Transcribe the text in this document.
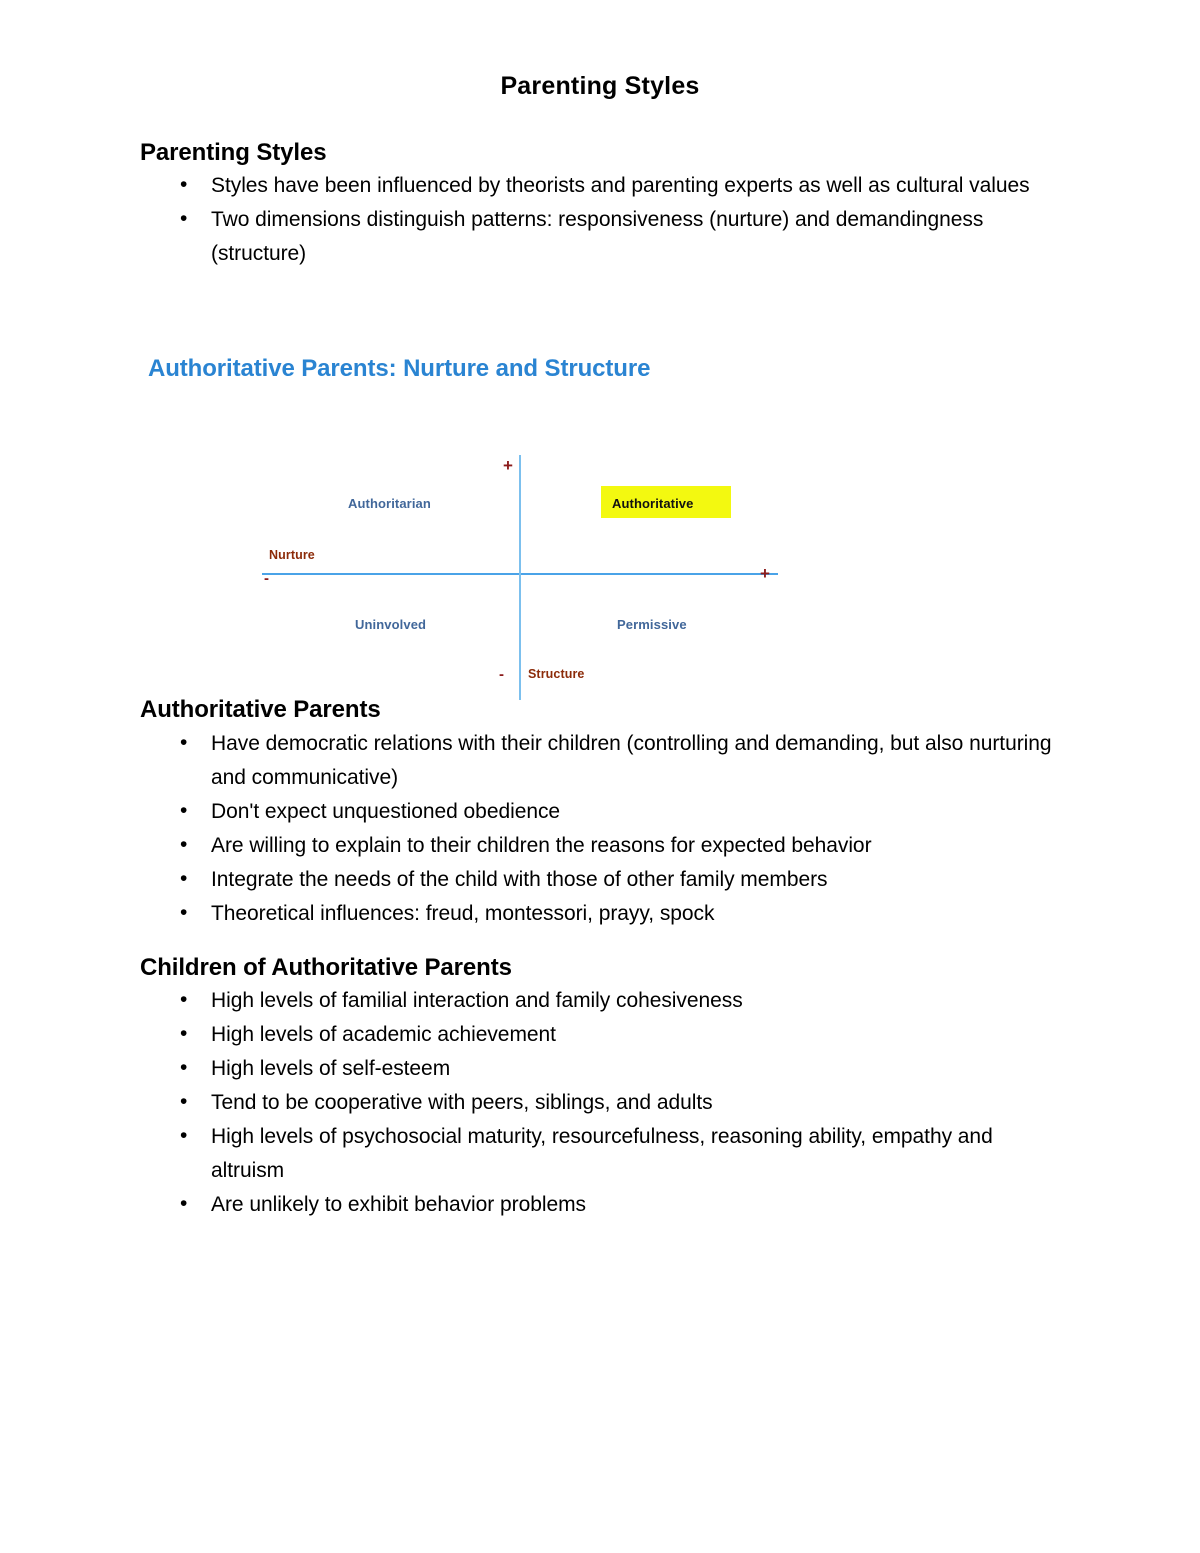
Parenting Styles
Parenting Styles
• Styles have been influenced by theorists and parenting experts as well as cultural values
• Two dimensions distinguish patterns: responsiveness (nurture) and demandingness (structure)
Authoritative Parents
• Have democratic relations with their children (controlling and demanding, but also nurturing and communicative)
• Don't expect unquestioned obedience
• Are willing to explain to their children the reasons for expected behavior
• Integrate the needs of the child with those of other family members
• Theoretical influences: freud, montessori, prayy, spock
Children of Authoritative Parents
• High levels of familial interaction and family cohesiveness
• High levels of academic achievement
• High levels of self-esteem
• Tend to be cooperative with peers, siblings, and adults
• High levels of psychosocial maturity, resourcefulness, reasoning ability, empathy and altruism
• Are unlikely to exhibit behavior problems
Authoritative Parents: Nurture and Structure
+
+
-
-
Nurture
Structure
Authoritarian	Authoritative
Uninvolved	Permissive
